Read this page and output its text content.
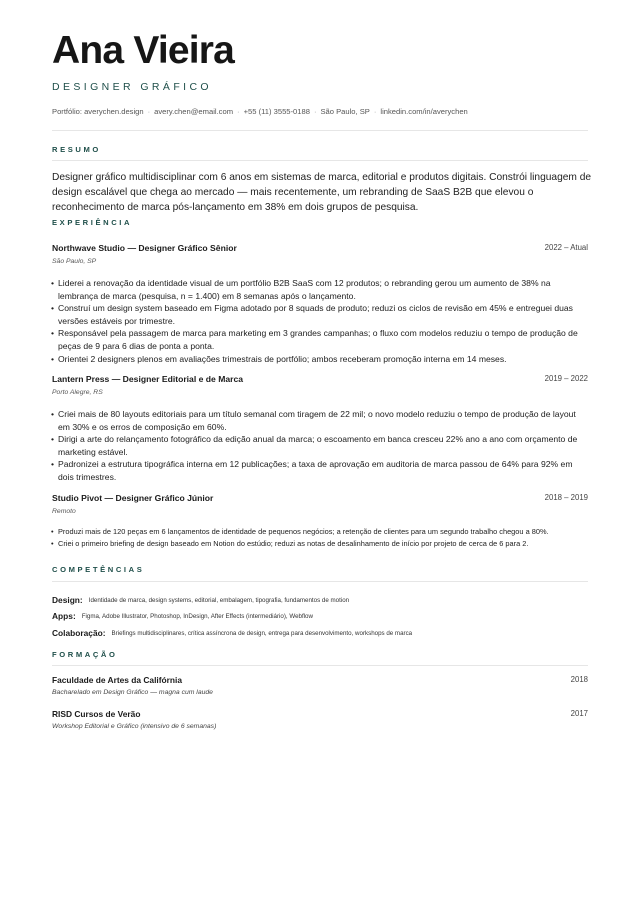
Ana Vieira
DESIGNER GRÁFICO
Portfólio: averychen.design · avery.chen@email.com · +55 (11) 3555-0188 · São Paulo, SP · linkedin.com/in/averychen
RESUMO

Designer gráfico multidisciplinar com 6 anos em sistemas de marca, editorial e produtos digitais. Constrói linguagem de design escalável que chega ao mercado — mais recentemente, um rebranding de SaaS B2B que elevou o reconhecimento de marca pós-lançamento em 38% em dois grupos de pesquisa.

EXPERIÊNCIA
Northwave Studio — Designer Gráfico Sênior	2022 – Atual
São Paulo, SP
• Liderei a renovação da identidade visual de um portfólio B2B SaaS com 12 produtos; o rebranding gerou um aumento de 38% na lembrança de marca (pesquisa, n = 1.400) em 8 semanas após o lançamento.
• Construí um design system baseado em Figma adotado por 8 squads de produto; reduzi os ciclos de revisão em 45% e entreguei duas versões estáveis por trimestre.
• Responsável pela passagem de marca para marketing em 3 grandes campanhas; o fluxo com modelos reduziu o tempo de produção de peças de 9 para 6 dias de ponta a ponta.
• Orientei 2 designers plenos em avaliações trimestrais de portfólio; ambos receberam promoção interna em 14 meses.
Lantern Press — Designer Editorial e de Marca	2019 – 2022
Porto Alegre, RS
• Criei mais de 80 layouts editoriais para um título semanal com tiragem de 22 mil; o novo modelo reduziu o tempo de produção de layout em 30% e os erros de composição em 60%.
• Dirigi a arte do relançamento fotográfico da edição anual da marca; o escoamento em banca cresceu 22% ano a ano com orçamento de marketing estável.
• Padronizei a estrutura tipográfica interna em 12 publicações; a taxa de aprovação em auditoria de marca passou de 64% para 92% em dois trimestres.
Studio Pivot — Designer Gráfico Júnior	2018 – 2019
Remoto
• Produzi mais de 120 peças em 6 lançamentos de identidade de pequenos negócios; a retenção de clientes para um segundo trabalho chegou a 80%.
• Criei o primeiro briefing de design baseado em Notion do estúdio; reduzi as notas de desalinhamento de início por projeto de cerca de 6 para 2.
COMPETÊNCIAS
Design: Identidade de marca, design systems, editorial, embalagem, tipografia, fundamentos de motion
Apps: Figma, Adobe Illustrator, Photoshop, InDesign, After Effects (intermediário), Webflow
Colaboração: Briefings multidisciplinares, crítica assíncrona de design, entrega para desenvolvimento, workshops de marca
FORMAÇÃO
Faculdade de Artes da Califórnia	2018
Bacharelado em Design Gráfico — magna cum laude
RISD Cursos de Verão	2017
Workshop Editorial e Gráfico (intensivo de 6 semanas)
